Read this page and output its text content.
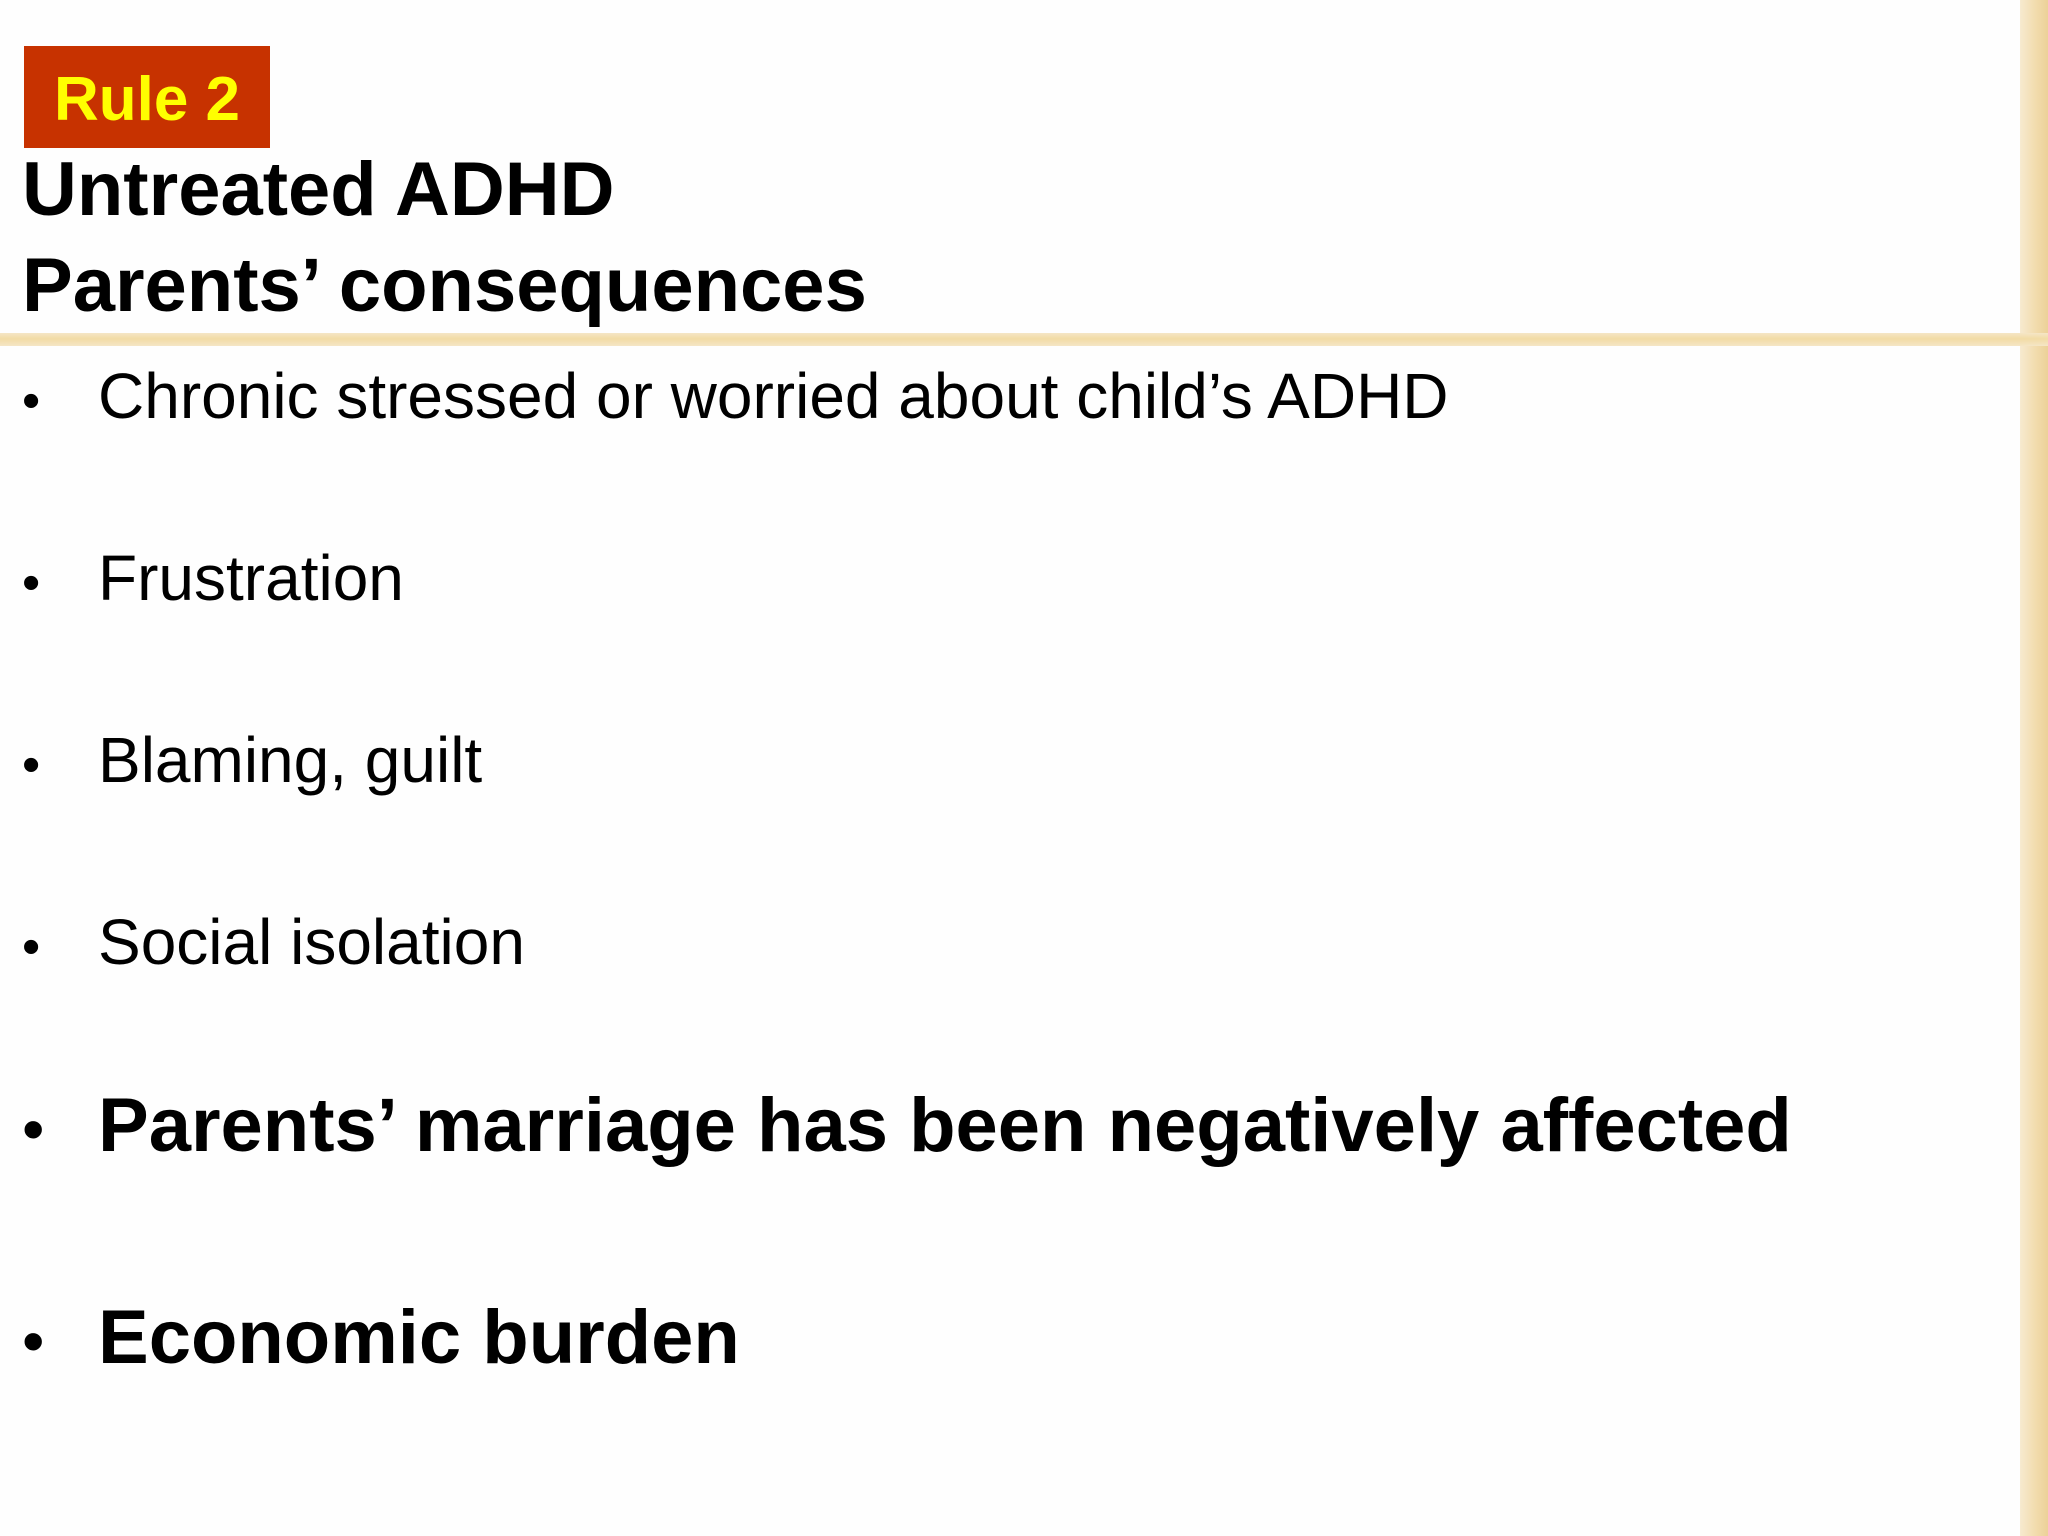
Rule 2
Untreated ADHD
Parents’ consequences
• Chronic stressed or worried about child’s ADHD
• Frustration
• Blaming, guilt
• Social isolation
• Parents’ marriage has been negatively affected
• Economic burden
